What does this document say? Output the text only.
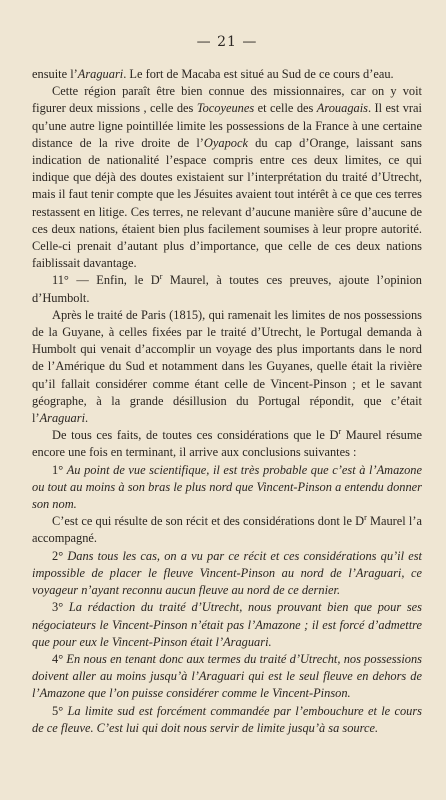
— 21 —

ensuite l’Araguari. Le fort de Macaba est situé au Sud de ce cours d’eau.

Cette région paraît être bien connue des missionnaires, car on y voit figurer deux missions , celle des Tocoyeunes et celle des Arouagais. Il est vrai qu’une autre ligne pointillée limite les possessions de la France à une certaine distance de la rive droite de l’Oyapock du cap d’Orange, laissant sans indication de nationalité l’espace compris entre ces deux limites, ce qui indique que déjà des doutes existaient sur l’interprétation du traité d’Utrecht, mais il faut tenir compte que les Jésuites avaient tout intérêt à ce que ces terres restassent en litige. Ces terres, ne relevant d’aucune manière sûre d’aucune de ces deux nations, étaient bien plus facilement soumises à leur propre autorité. Celle-ci prenait d’autant plus d’importance, que celle de ces deux nations faiblissait davantage.

11° — Enfin, le $D^r$ Maurel, à toutes ces preuves, ajoute l’opinion d’Humbolt.

Après le traité de Paris (1815), qui ramenait les limites de nos possessions de la Guyane, à celles fixées par le traité d’Utrecht, le Portugal demanda à Humbolt qui venait d’accomplir un voyage des plus importants dans le nord de l’Amérique du Sud et notamment dans les Guyanes, quelle était la rivière qu’il fallait considérer comme étant celle de Vincent-Pinson ; et le savant géographe, à la grande désillusion du Portugal répondit, que c’était l’Araguari.

De tous ces faits, de toutes ces considérations que le $D^r$ Maurel résume encore une fois en terminant, il arrive aux conclusions suivantes :

1° Au point de vue scientifique, il est très probable que c’est à l’Amazone ou tout au moins à son bras le plus nord que Vincent-Pinson a entendu donner son nom.

C’est ce qui résulte de son récit et des considérations dont le $D^r$ Maurel l’a accompagné.

2° Dans tous les cas, on a vu par ce récit et ces considérations qu’il est impossible de placer le fleuve Vincent-Pinson au nord de l’Araguari, ce voyageur n’ayant reconnu aucun fleuve au nord de ce dernier.

3° La rédaction du traité d’Utrecht, nous prouvant bien que pour ses négociateurs le Vincent-Pinson n’était pas l’Amazone ; il est forcé d’admettre que pour eux le Vincent-Pinson était l’Araguari.

4° En nous en tenant donc aux termes du traité d’Utrecht, nos possessions doivent aller au moins jusqu’à l’Araguari qui est le seul fleuve en dehors de l’Amazone que l’on puisse considérer comme le Vincent-Pinson.

5° La limite sud est forcément commandée par l’embouchure et le cours de ce fleuve. C’est lui qui doit nous servir de limite jusqu’à sa source.
